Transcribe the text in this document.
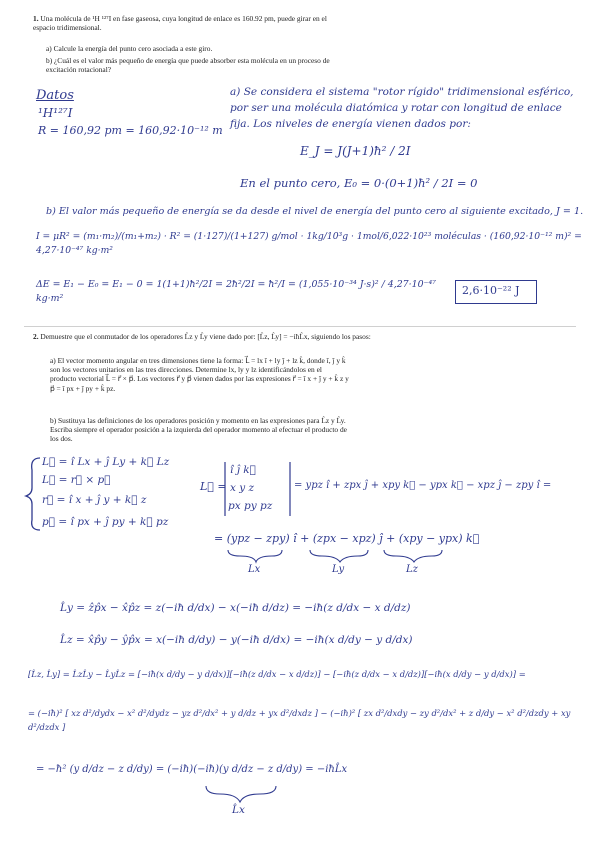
1. Una molécula de ¹H ¹²⁷I en fase gaseosa, cuya longitud de enlace es 160.92 pm, puede girar en el espacio tridimensional.
a) Calcule la energía del punto cero asociada a este giro.
b) ¿Cuál es el valor más pequeño de energía que puede absorber esta molécula en un proceso de excitación rotacional?
Datos
¹H¹²⁷I
R = 160,92 pm = 160,92·10⁻¹² m
a) Se considera el sistema "rotor rígido" tridimensional esférico, por ser una molécula diatómica y rotar con longitud de enlace fija. Los niveles de energía vienen dados por:
E_J = J(J+1)ħ² / 2I
En el punto cero, E₀ = 0·(0+1)ħ² / 2I = 0
b) El valor más pequeño de energía se da desde el nivel de energía del punto cero al siguiente excitado, J = 1.
I = μR² = (m₁·m₂)/(m₁+m₂) · R² = (1·127)/(1+127) g/mol · 1kg/10³g · 1mol/6,022·10²³ moléculas · (160,92·10⁻¹² m)² = 4,27·10⁻⁴⁷ kg·m²
ΔE = E₁ − E₀ = E₁ − 0 = 1(1+1)ħ²/2I = 2ħ²/2I = ħ²/I = (1,055·10⁻³⁴ J·s)² / 4,27·10⁻⁴⁷ kg·m²
2,6·10⁻²² J
2. Demuestre que el conmutador de los operadores L̂z y L̂y viene dado por: [L̂z, L̂y] = −iħL̂x, siguiendo los pasos:
a) El vector momento angular en tres dimensiones tiene la forma: L⃗ = lx î + ly ĵ + lz k̂, donde î, ĵ y k̂ son los vectores unitarios en las tres direcciones. Determine lx, ly y lz identificándolos en el producto vectorial L⃗ = r⃗ × p⃗. Los vectores r⃗ y p⃗ vienen dados por las expresiones r⃗ = î x + ĵ y + k̂ z y p⃗ = î px + ĵ py + k̂ pz.
b) Sustituya las definiciones de los operadores posición y momento en las expresiones para L̂z y L̂y. Escriba siempre el operador posición a la izquierda del operador momento al efectuar el producto de los dos.
L⃗ = î Lx + ĵ Ly + k⃗ Lz
L⃗ = r⃗ × p⃗
r⃗ = î x + ĵ y + k⃗ z
p⃗ = î px + ĵ py + k⃗ pz
L⃗ =
î ĵ k⃗
x y z
px py pz
= ypz î + zpx ĵ + xpy k⃗ − ypx k⃗ − xpz ĵ − zpy î =
= (ypz − zpy) î + (zpx − xpz) ĵ + (xpy − ypx) k⃗
Lx	Ly	Lz
L̂y = ẑp̂x − x̂p̂z = z(−iħ d/dx) − x(−iħ d/dz) = −iħ(z d/dx − x d/dz)
L̂z = x̂p̂y − ŷp̂x = x(−iħ d/dy) − y(−iħ d/dx) = −iħ(x d/dy − y d/dx)
[L̂z, L̂y] = L̂zL̂y − L̂yL̂z = [−iħ(x d/dy − y d/dx)][−iħ(z d/dx − x d/dz)] − [−iħ(z d/dx − x d/dz)][−iħ(x d/dy − y d/dx)] =
= (−iħ)² [ xz d²/dydx − x² d²/dydz − yz d²/dx² + y d/dz + yx d²/dxdz ] − (−iħ)² [ zx d²/dxdy − zy d²/dx² + z d/dy − x² d²/dzdy + xy d²/dzdx ]
= −ħ² (y d/dz − z d/dy) = (−iħ)(−iħ)(y d/dz − z d/dy) = −iħL̂x
L̂x
